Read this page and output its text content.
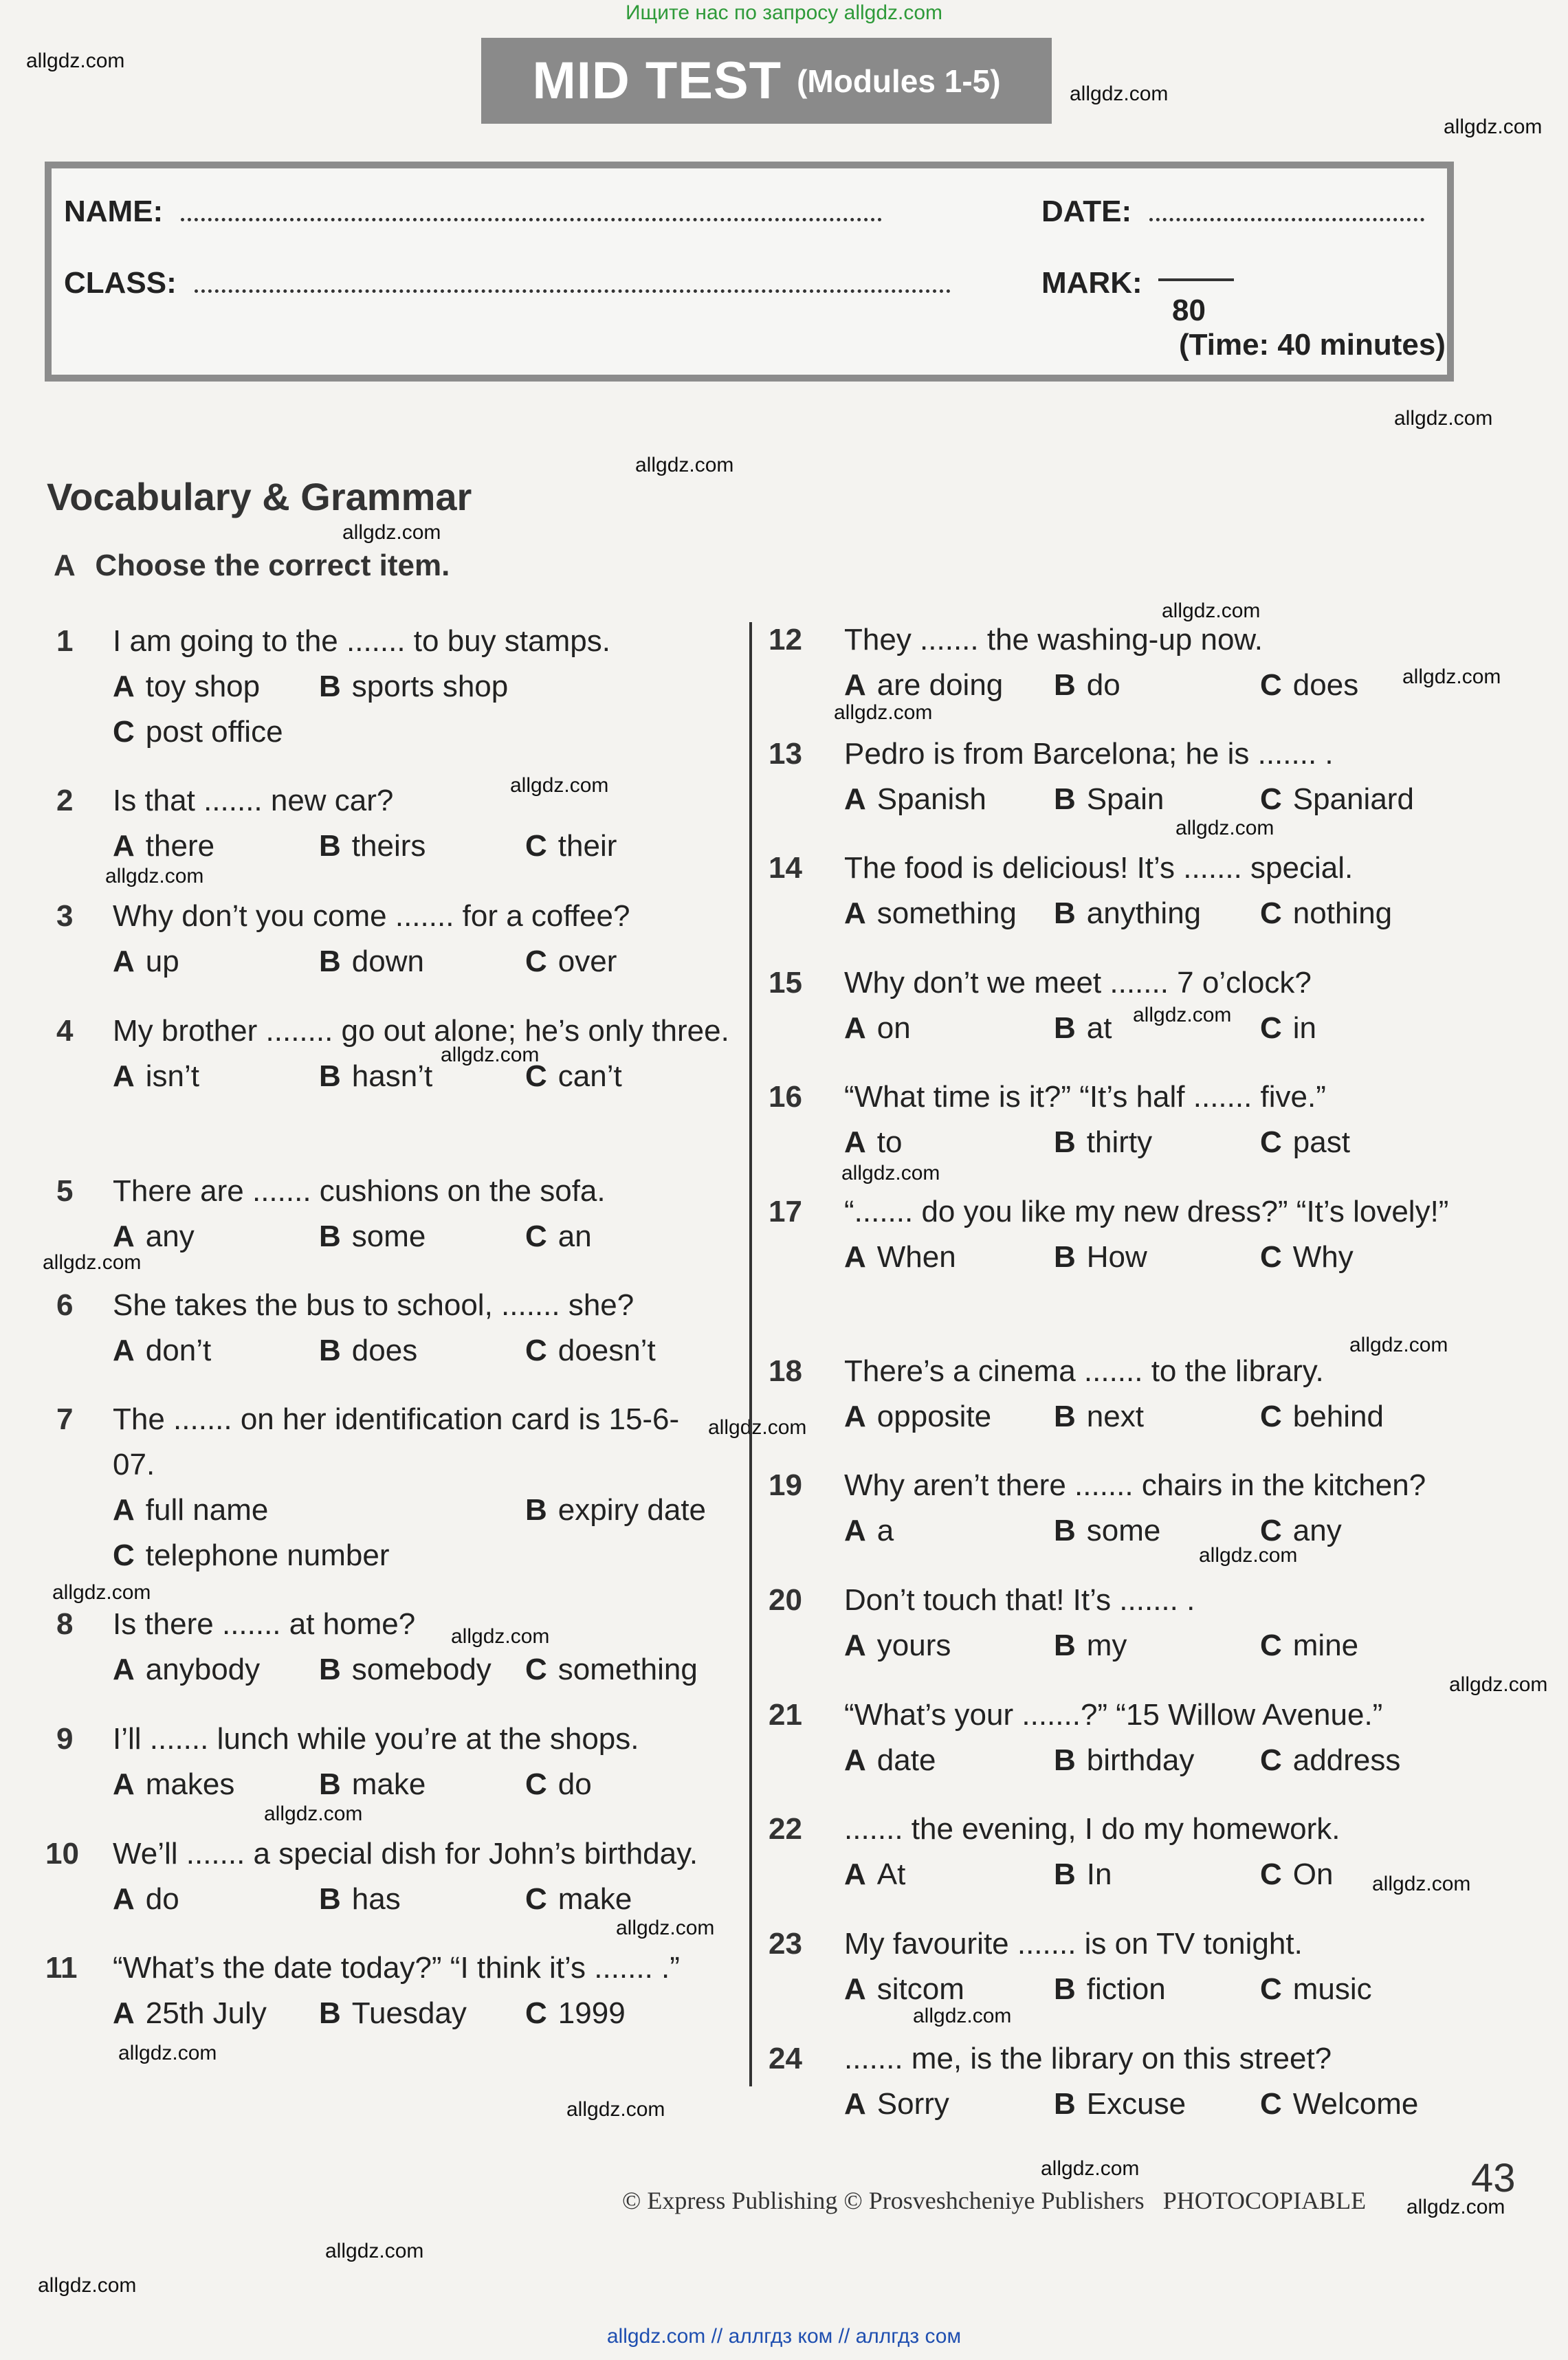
Ищите нас по запросу allgdz.com
allgdz.com
allgdz.com
allgdz.com
allgdz.com
allgdz.com
allgdz.com
allgdz.com
allgdz.com
allgdz.com
allgdz.com
allgdz.com
allgdz.com
allgdz.com
allgdz.com
allgdz.com
allgdz.com
allgdz.com
allgdz.com
allgdz.com
allgdz.com
allgdz.com
allgdz.com
allgdz.com
allgdz.com
allgdz.com
allgdz.com
allgdz.com
allgdz.com
allgdz.com
allgdz.com
allgdz.com
allgdz.com
MID TEST (Modules 1-5)
NAME:	DATE:
CLASS:	MARK:
80
(Time: 40 minutes)
Vocabulary & Grammar
A Choose the correct item.
1 I am going to the ....... to buy stamps.
A toy shop B sports shop
C post office
2 Is that ....... new car?
A there	B theirs	C their
3 Why don’t you come ....... for a coffee?
A up	B down	C over
4 My brother ........ go out alone; he’s only three.
A isn’t	B hasn’t	C can’t
5 There are ....... cushions on the sofa.
A any	B some	C an
6 She takes the bus to school, ....... she?
A don’t	B does	C doesn’t
7 The ....... on her identification card is 15-6-07.
A full name	B expiry date
C telephone number
8 Is there ....... at home?
A anybody B somebody C something
9 I’ll ....... lunch while you’re at the shops.
A makes	B make	C do
10 We’ll ....... a special dish for John’s birthday.
A do	B has	C make
11 “What’s the date today?” “I think it’s ....... .”
A 25th July B Tuesday C 1999
12 They ....... the washing-up now.
A are doing B do	C does
13 Pedro is from Barcelona; he is ....... .
A Spanish B Spain	C Spaniard
14 The food is delicious! It’s ....... special.
A something B anything C nothing
15 Why don’t we meet ....... 7 o’clock?
A on	B at	C in
16 “What time is it?” “It’s half ....... five.”
A to	B thirty	C past
17 “....... do you like my new dress?” “It’s lovely!”
A When	B How	C Why
18 There’s a cinema ....... to the library.
A opposite B next	C behind
19 Why aren’t there ....... chairs in the kitchen?
A a	B some	C any
20 Don’t touch that! It’s ....... .
A yours	B my	C mine
21 “What’s your .......?” “15 Willow Avenue.”
A date	B birthday C address
22 ....... the evening, I do my homework.
A At	B In	C On
23 My favourite ....... is on TV tonight.
A sitcom	B fiction	C music
24 ....... me, is the library on this street?
A Sorry	B Excuse C Welcome
43
© Express Publishing © Prosveshcheniye Publishers PHOTOCOPIABLE
allgdz.com // аллгдз ком // аллгдз сом
